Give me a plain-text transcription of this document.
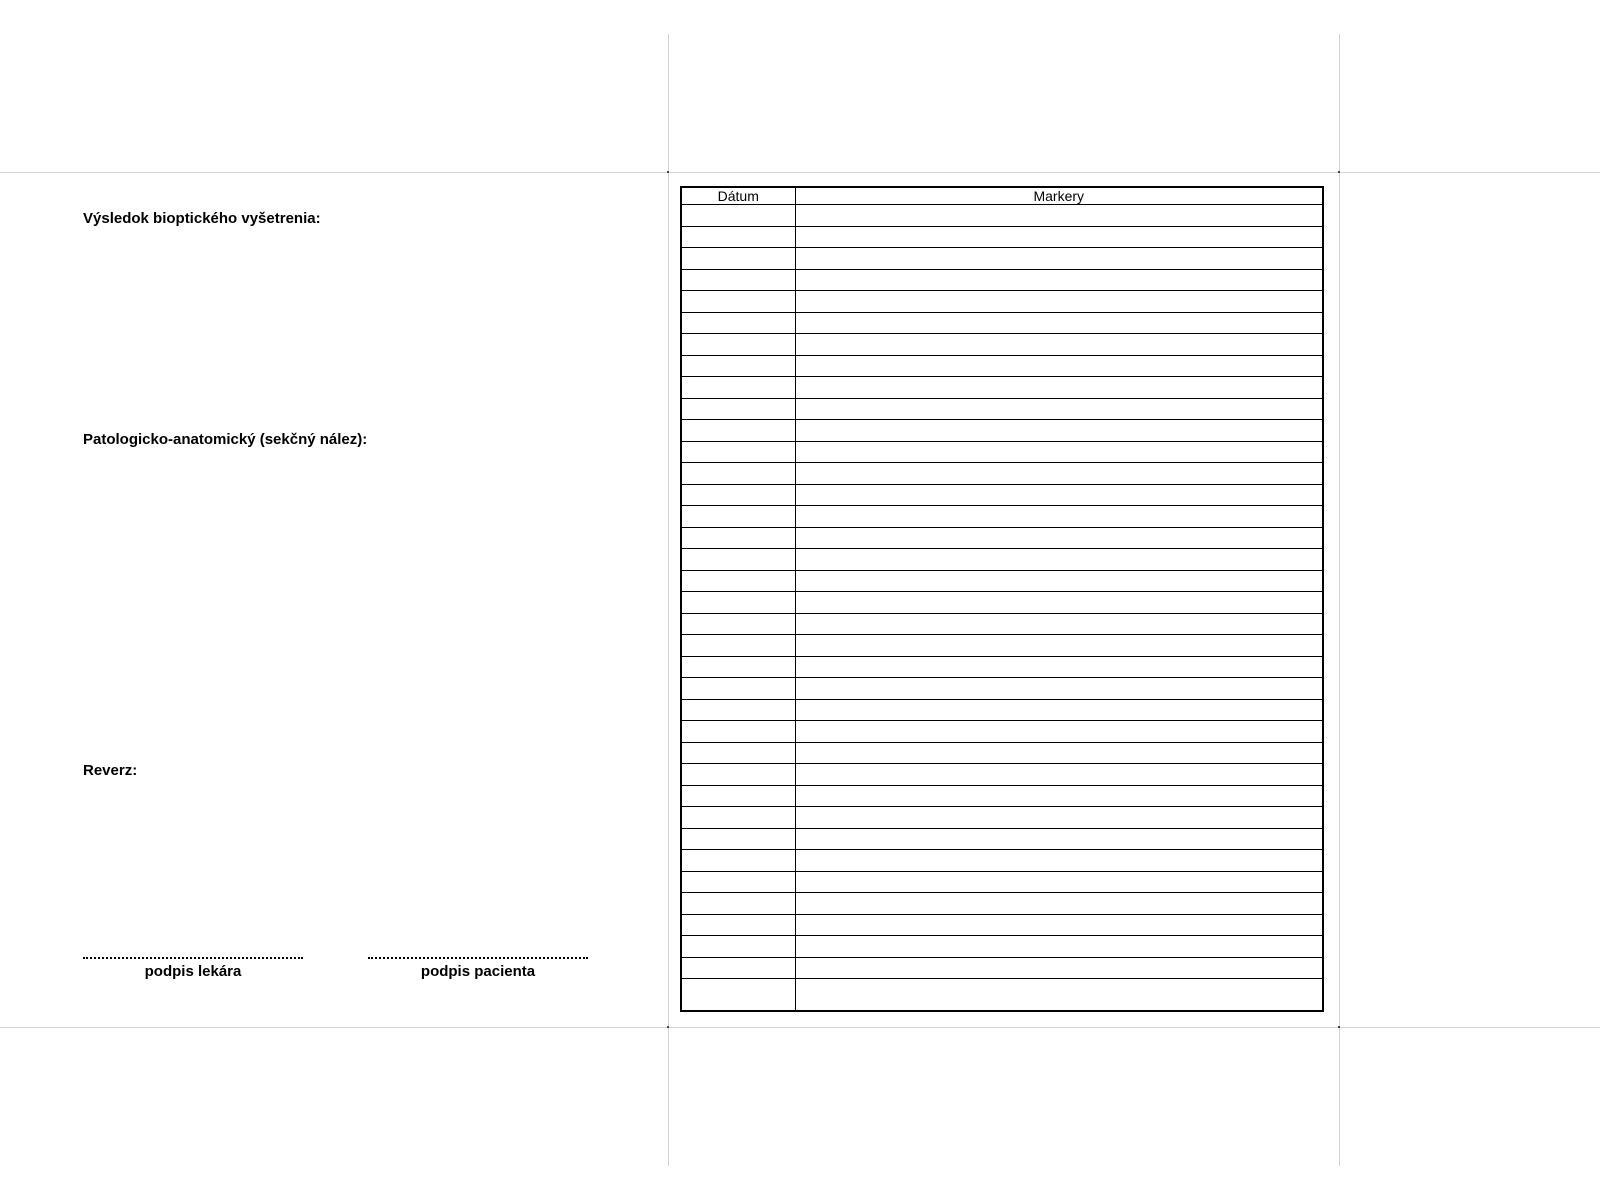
Výsledok bioptického vyšetrenia:
Patologicko-anatomický (sekčný nález):
Reverz:
podpis lekára	podpis pacienta
Dátum	Markery
